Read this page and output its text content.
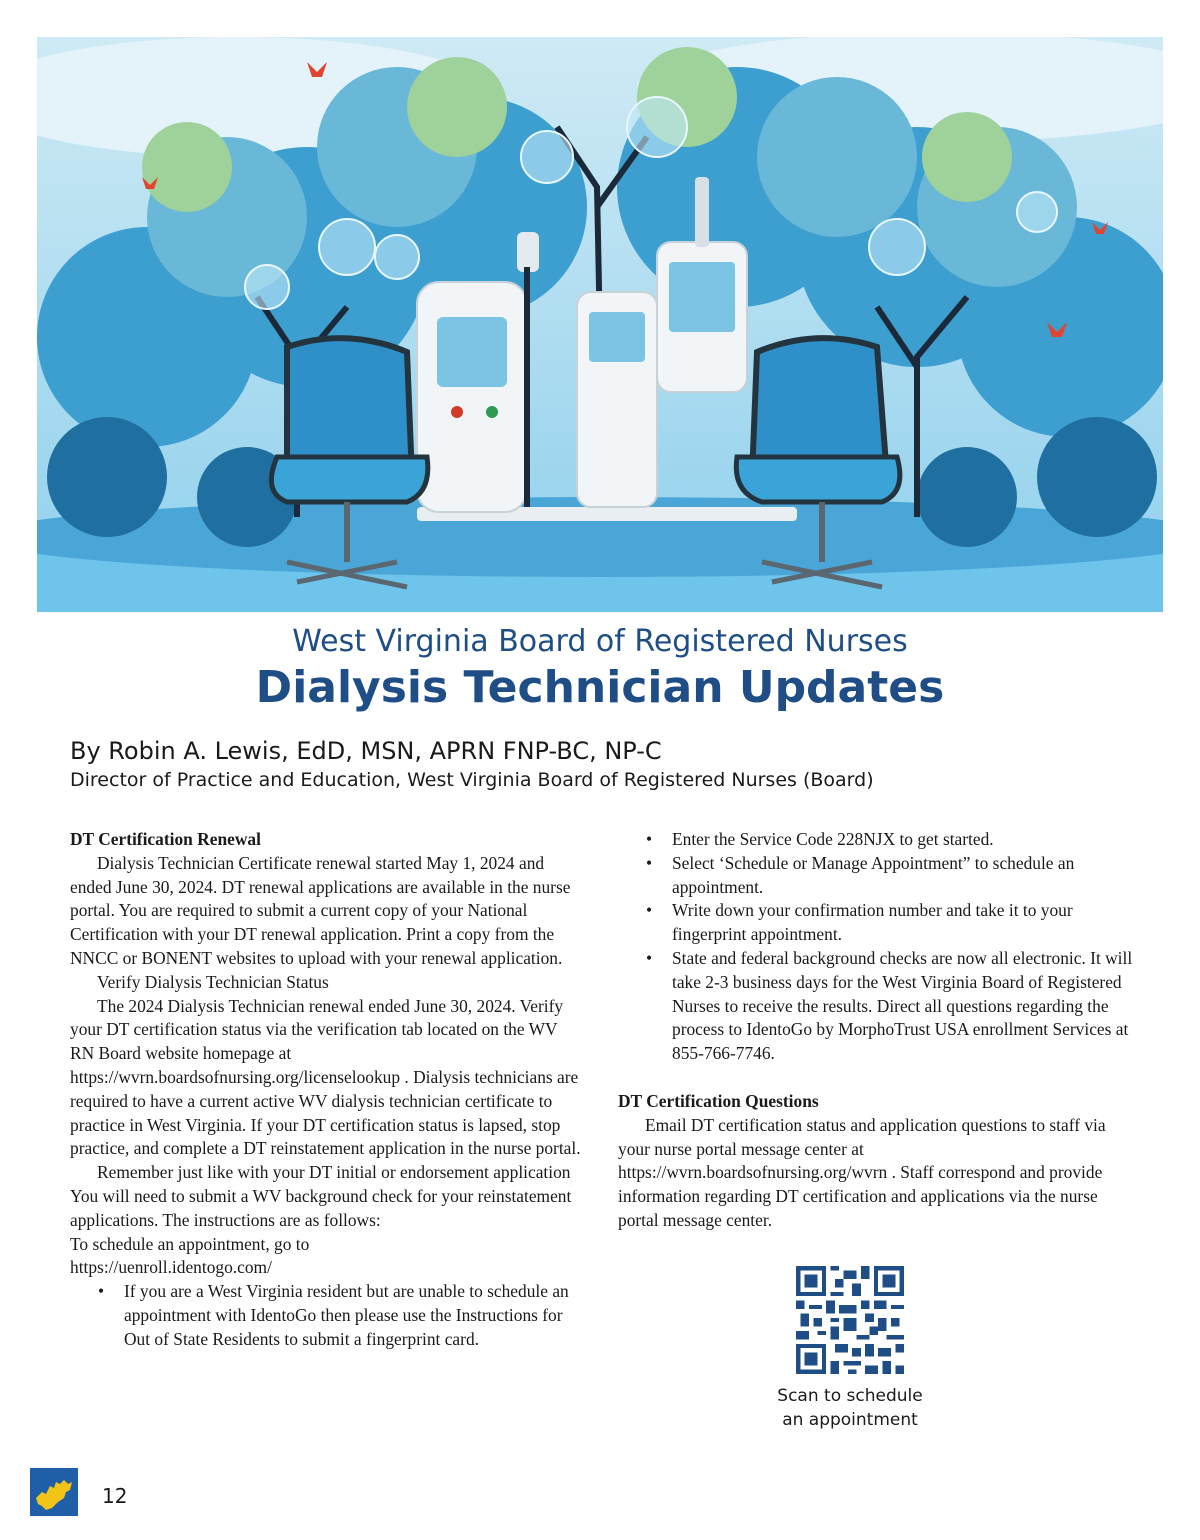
West Virginia Board of Registered Nurses
Dialysis Technician Updates
By Robin A. Lewis, EdD, MSN, APRN FNP-BC, NP-C
Director of Practice and Education, West Virginia Board of Registered Nurses (Board)

DT Certification Renewal

Dialysis Technician Certificate renewal started May 1, 2024 and ended June 30, 2024. DT renewal applications are available in the nurse portal. You are required to submit a current copy of your National Certification with your DT renewal application. Print a copy from the NNCC or BONENT websites to upload with your renewal application.

Verify Dialysis Technician Status

The 2024 Dialysis Technician renewal ended June 30, 2024. Verify your DT certification status via the verification tab located on the WV RN Board website homepage at https://wvrn.boardsofnursing.org/licenselookup . Dialysis technicians are required to have a current active WV dialysis technician certificate to practice in West Virginia. If your DT certification status is lapsed, stop practice, and complete a DT reinstatement application in the nurse portal.

Remember just like with your DT initial or endorsement application You will need to submit a WV background check for your reinstatement applications. The instructions are as follows:

To schedule an appointment, go to

https://uenroll.identogo.com/

• If you are a West Virginia resident but are unable to schedule an appointment with IdentoGo then please use the Instructions for Out of State Residents to submit a fingerprint card.
• Enter the Service Code 228NJX to get started.
• Select ‘Schedule or Manage Appointment” to schedule an appointment.
• Write down your confirmation number and take it to your fingerprint appointment.
• State and federal background checks are now all electronic. It will take 2-3 business days for the West Virginia Board of Registered Nurses to receive the results. Direct all questions regarding the process to IdentoGo by MorphoTrust USA enrollment Services at 855-766-7746.

DT Certification Questions

Email DT certification status and application questions to staff via your nurse portal message center at https://wvrn.boardsofnursing.org/wvrn . Staff correspond and provide information regarding DT certification and applications via the nurse portal message center.

Scan to schedule
an appointment
12
